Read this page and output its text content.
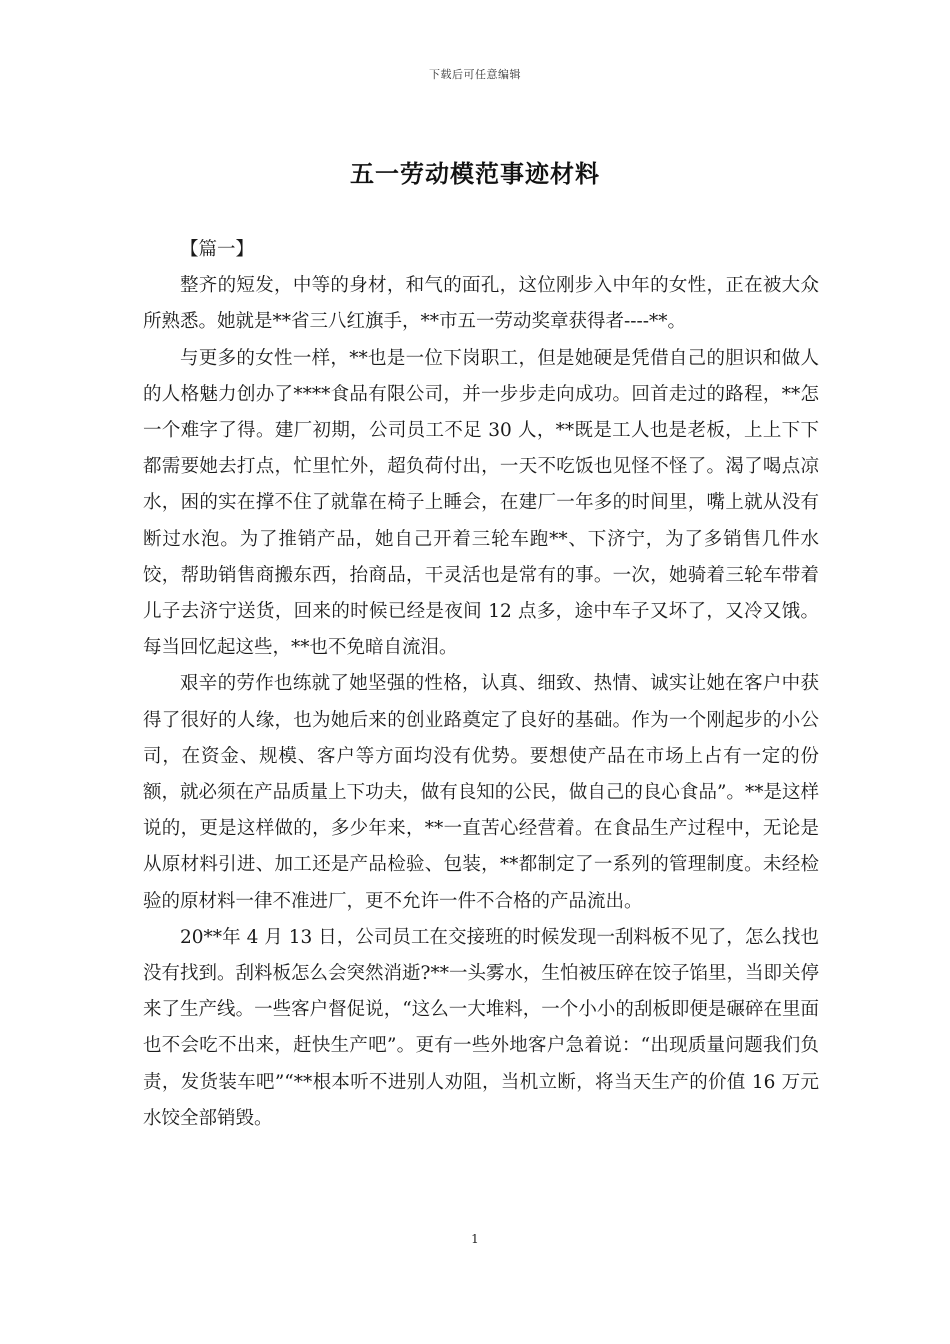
下载后可任意编辑
五一劳动模范事迹材料

【篇一】

整齐的短发，中等的身材，和气的面孔，这位刚步入中年的女性，正在被大众所熟悉。她就是**省三八红旗手，**市五一劳动奖章获得者----**。

与更多的女性一样，**也是一位下岗职工，但是她硬是凭借自己的胆识和做人的人格魅力创办了****食品有限公司，并一步步走向成功。回首走过的路程，**怎一个难字了得。建厂初期，公司员工不足 30 人，**既是工人也是老板，上上下下都需要她去打点，忙里忙外，超负荷付出，一天不吃饭也见怪不怪了。渴了喝点凉水，困的实在撑不住了就靠在椅子上睡会，在建厂一年多的时间里，嘴上就从没有断过水泡。为了推销产品，她自己开着三轮车跑**、下济宁，为了多销售几件水饺，帮助销售商搬东西，抬商品，干灵活也是常有的事。一次，她骑着三轮车带着儿子去济宁送货，回来的时候已经是夜间 12 点多，途中车子又坏了，又冷又饿。每当回忆起这些，**也不免暗自流泪。

艰辛的劳作也练就了她坚强的性格，认真、细致、热情、诚实让她在客户中获得了很好的人缘，也为她后来的创业路奠定了良好的基础。作为一个刚起步的小公司，在资金、规模、客户等方面均没有优势。要想使产品在市场上占有一定的份额，就必须在产品质量上下功夫，做有良知的公民，做自己的良心食品”。**是这样说的，更是这样做的，多少年来，**一直苦心经营着。在食品生产过程中，无论是从原材料引进、加工还是产品检验、包装，**都制定了一系列的管理制度。未经检验的原材料一律不准进厂，更不允许一件不合格的产品流出。

20**年 4 月 13 日，公司员工在交接班的时候发现一刮料板不见了，怎么找也没有找到。刮料板怎么会突然消逝?**一头雾水，生怕被压碎在饺子馅里，当即关停来了生产线。一些客户督促说，“这么一大堆料，一个小小的刮板即便是碾碎在里面也不会吃不出来，赶快生产吧”。更有一些外地客户急着说：“出现质量问题我们负责，发货装车吧”“**根本听不进别人劝阻，当机立断，将当天生产的价值 16 万元水饺全部销毁。

1
